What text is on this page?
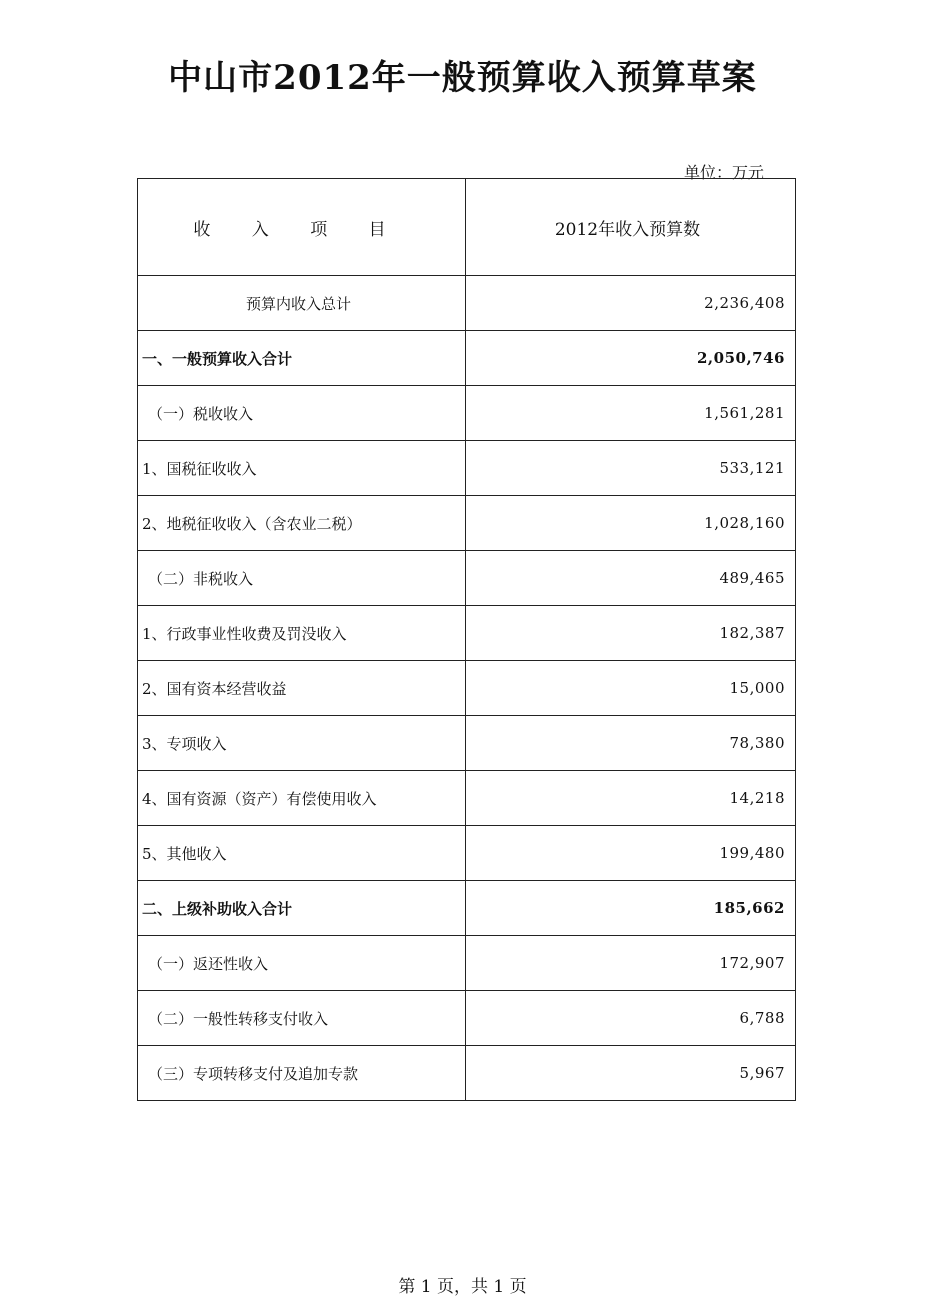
中山市2012年一般预算收入预算草案
单位：万元
收 入 项 目	2012年收入预算数
预算内收入总计	2,236,408
一、一般预算收入合计	2,050,746
（一）税收收入	1,561,281
1、国税征收收入	533,121
2、地税征收收入（含农业二税）	1,028,160
（二）非税收入	489,465
1、行政事业性收费及罚没收入	182,387
2、国有资本经营收益	15,000
3、专项收入	78,380
4、国有资源（资产）有偿使用收入	14,218
5、其他收入	199,480
二、上级补助收入合计	185,662
（一）返还性收入	172,907
（二）一般性转移支付收入	6,788
（三）专项转移支付及追加专款	5,967
第 1 页，共 1 页
